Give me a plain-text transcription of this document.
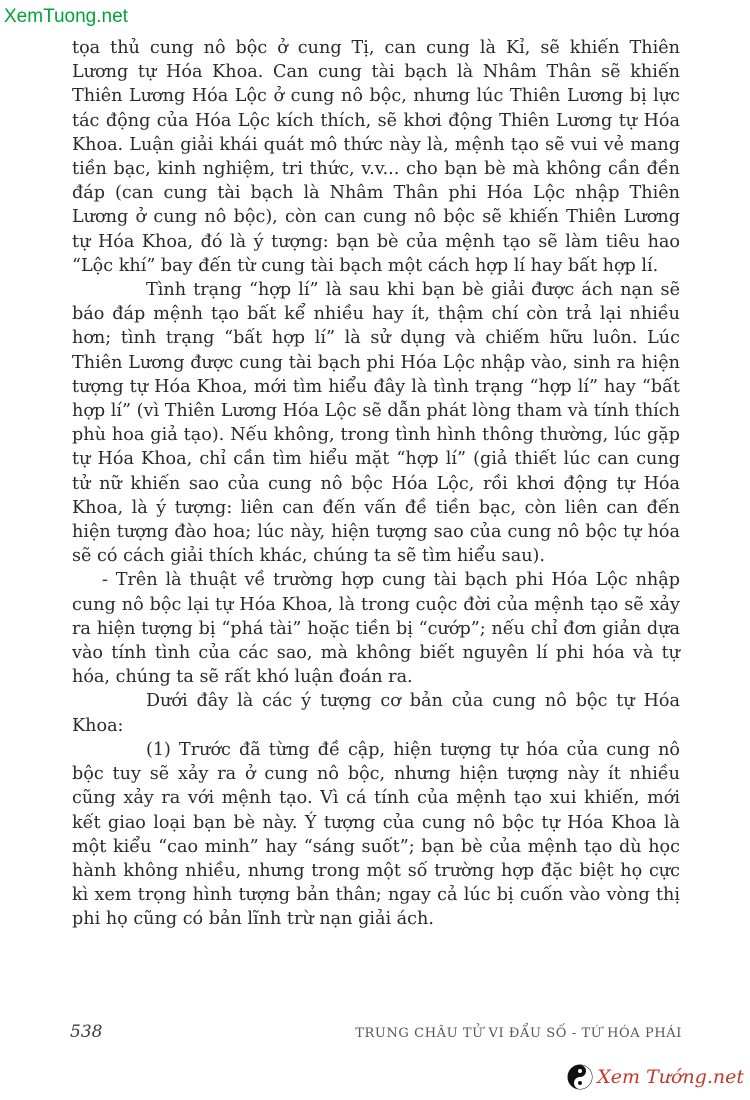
XemTuong.net

tọa thủ cung nô bộc ở cung Tị, can cung là Kỉ, sẽ khiến Thiên Lương tự Hóa Khoa. Can cung tài bạch là Nhâm Thân sẽ khiến Thiên Lương Hóa Lộc ở cung nô bộc, nhưng lúc Thiên Lương bị lực tác động của Hóa Lộc kích thích, sẽ khơi động Thiên Lương tự Hóa Khoa. Luận giải khái quát mô thức này là, mệnh tạo sẽ vui vẻ mang tiền bạc, kinh nghiệm, tri thức, v.v... cho bạn bè mà không cần đền đáp (can cung tài bạch là Nhâm Thân phi Hóa Lộc nhập Thiên Lương ở cung nô bộc), còn can cung nô bộc sẽ khiến Thiên Lương tự Hóa Khoa, đó là ý tượng: bạn bè của mệnh tạo sẽ làm tiêu hao “Lộc khí” bay đến từ cung tài bạch một cách hợp lí hay bất hợp lí.

Tình trạng “hợp lí” là sau khi bạn bè giải được ách nạn sẽ báo đáp mệnh tạo bất kể nhiều hay ít, thậm chí còn trả lại nhiều hơn; tình trạng “bất hợp lí” là sử dụng và chiếm hữu luôn. Lúc Thiên Lương được cung tài bạch phi Hóa Lộc nhập vào, sinh ra hiện tượng tự Hóa Khoa, mới tìm hiểu đây là tình trạng “hợp lí” hay “bất hợp lí” (vì Thiên Lương Hóa Lộc sẽ dẫn phát lòng tham và tính thích phù hoa giả tạo). Nếu không, trong tình hình thông thường, lúc gặp tự Hóa Khoa, chỉ cần tìm hiểu mặt “hợp lí” (giả thiết lúc can cung tử nữ khiến sao của cung nô bộc Hóa Lộc, rồi khơi động tự Hóa Khoa, là ý tượng: liên can đến vấn đề tiền bạc, còn liên can đến hiện tượng đào hoa; lúc này, hiện tượng sao của cung nô bộc tự hóa sẽ có cách giải thích khác, chúng ta sẽ tìm hiểu sau).

- Trên là thuật về trường hợp cung tài bạch phi Hóa Lộc nhập cung nô bộc lại tự Hóa Khoa, là trong cuộc đời của mệnh tạo sẽ xảy ra hiện tượng bị “phá tài” hoặc tiền bị “cướp”; nếu chỉ đơn giản dựa vào tính tình của các sao, mà không biết nguyên lí phi hóa và tự hóa, chúng ta sẽ rất khó luận đoán ra.

Dưới đây là các ý tượng cơ bản của cung nô bộc tự Hóa Khoa:

(1) Trước đã từng đề cập, hiện tượng tự hóa của cung nô bộc tuy sẽ xảy ra ở cung nô bộc, nhưng hiện tượng này ít nhiều cũng xảy ra với mệnh tạo. Vì cá tính của mệnh tạo xui khiến, mới kết giao loại bạn bè này. Ý tượng của cung nô bộc tự Hóa Khoa là một kiểu “cao minh” hay “sáng suốt”; bạn bè của mệnh tạo dù học hành không nhiều, nhưng trong một số trường hợp đặc biệt họ cực kì xem trọng hình tượng bản thân; ngay cả lúc bị cuốn vào vòng thị phi họ cũng có bản lĩnh trừ nạn giải ách.

538	TRUNG CHÂU TỬ VI ĐẨU SỐ - TỨ HÓA PHÁI
Xem Tướng.net
